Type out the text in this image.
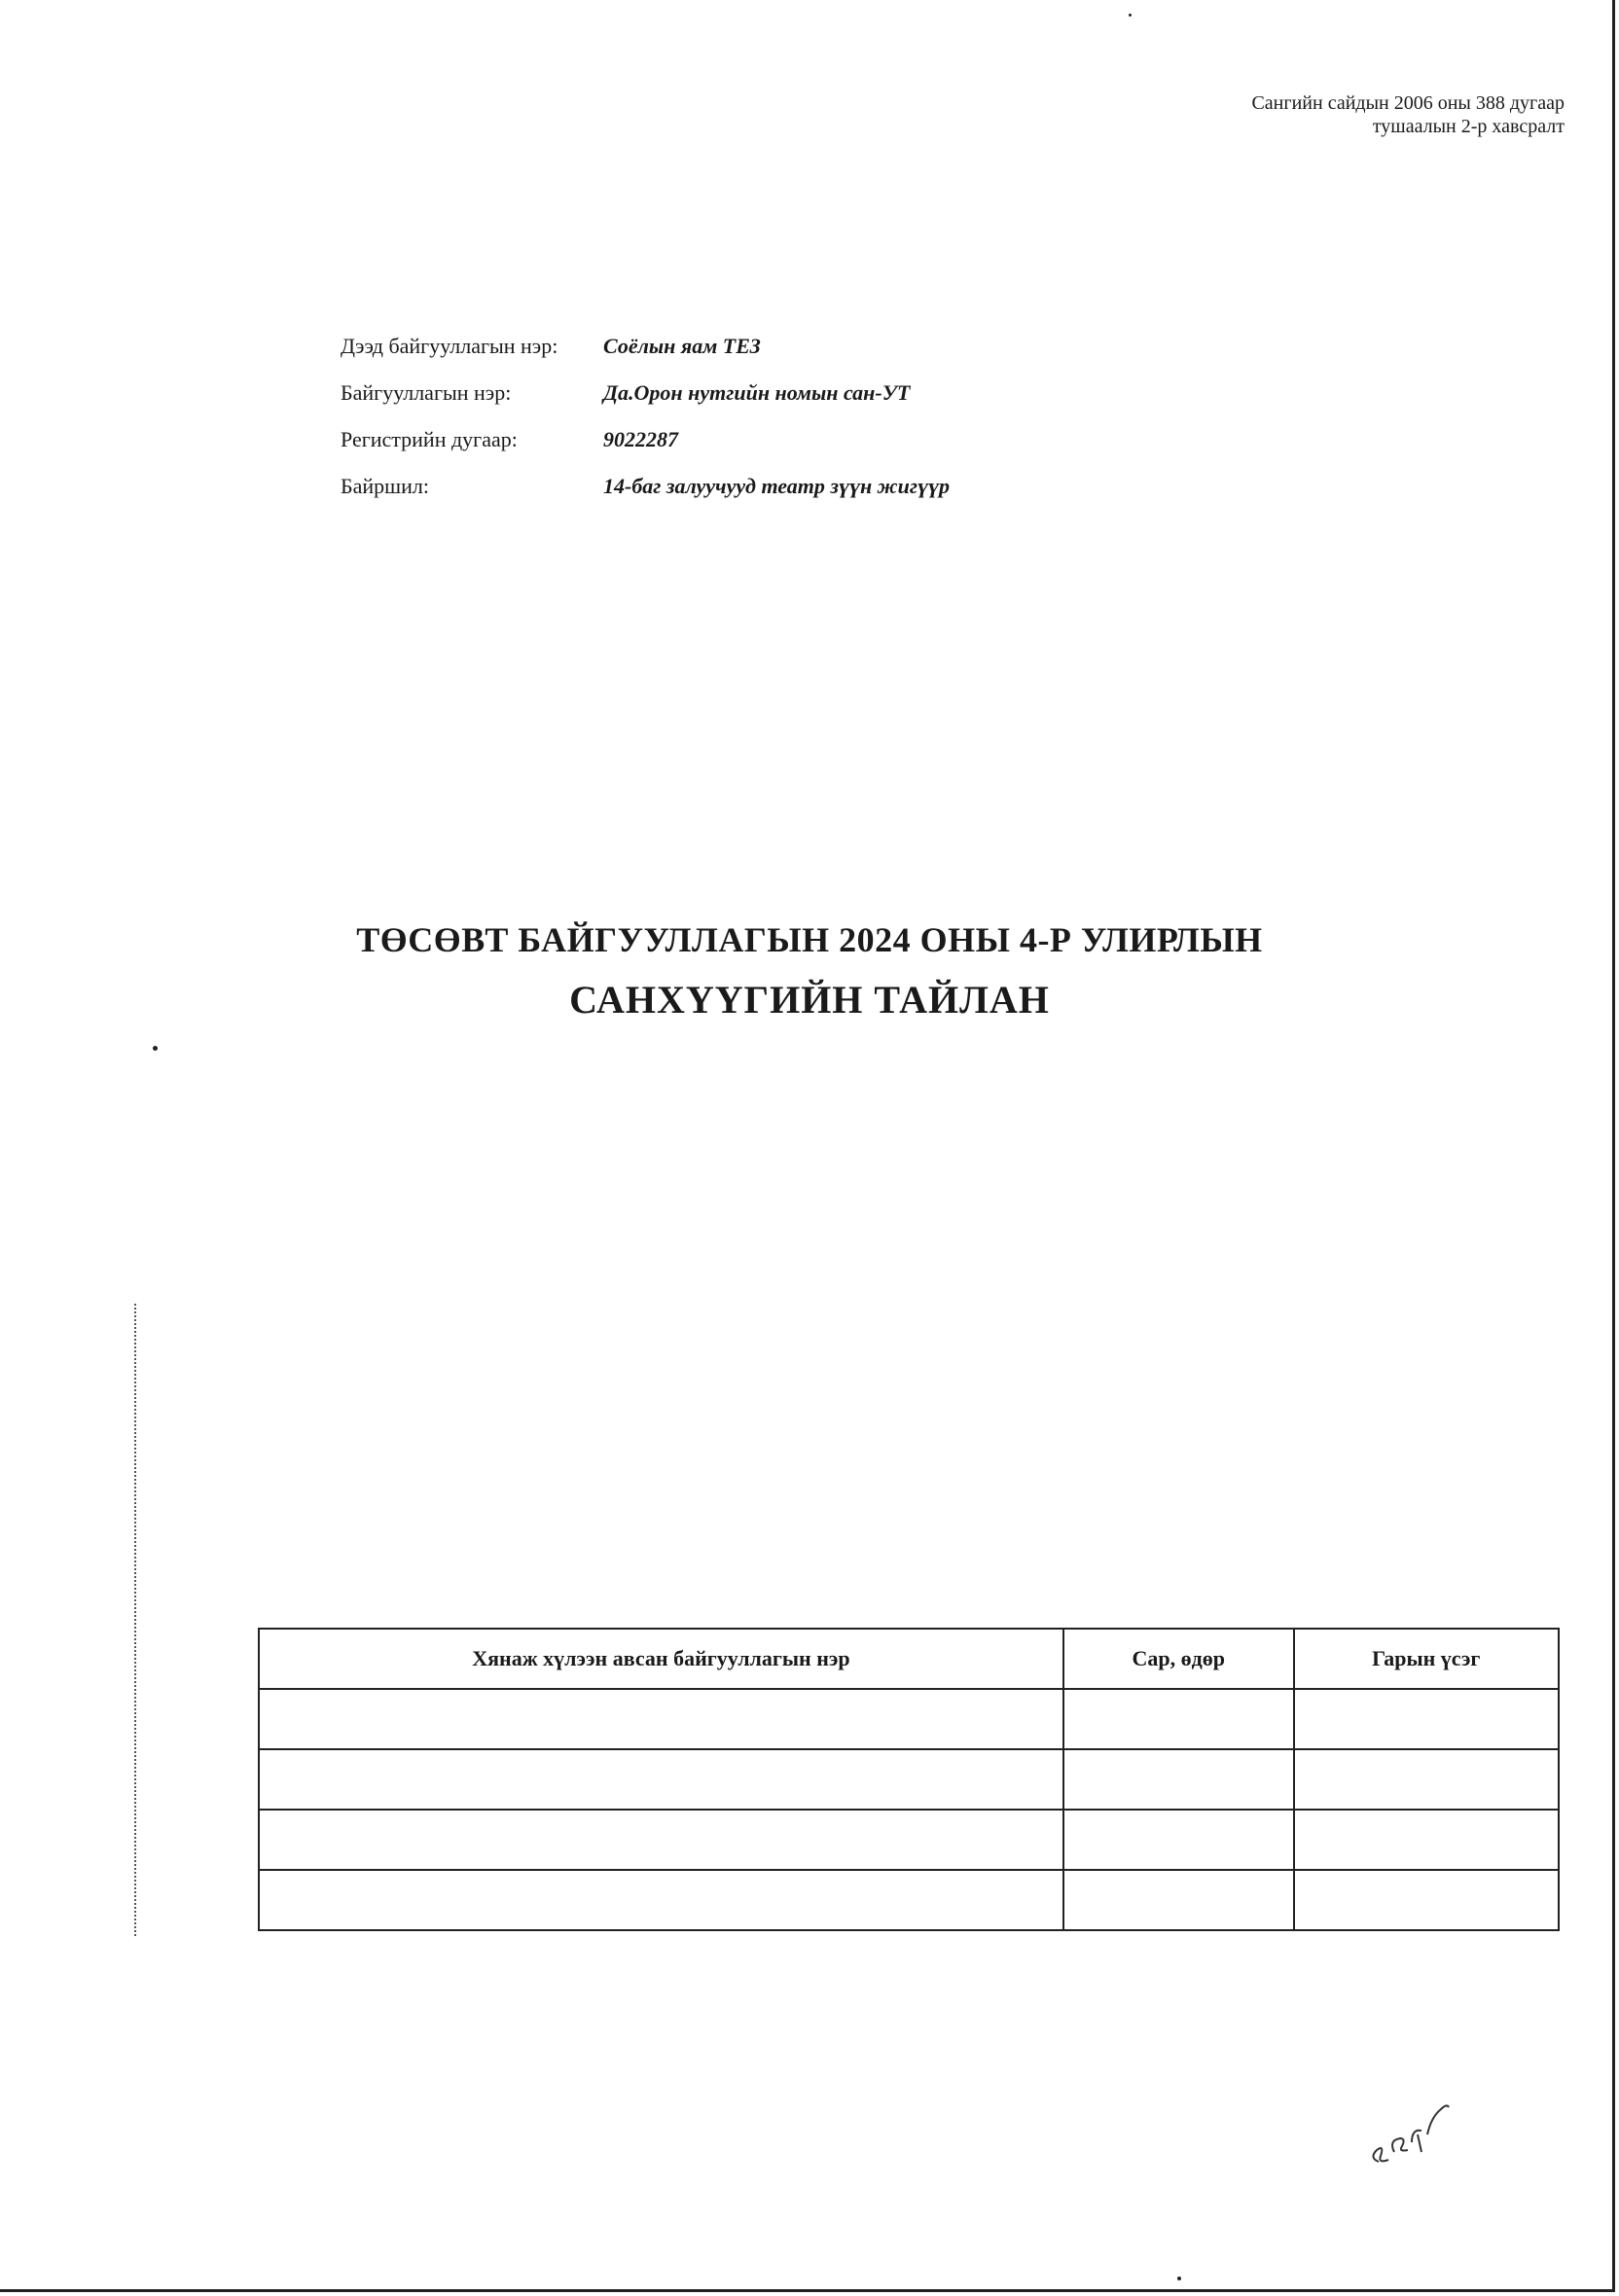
Сангийн сайдын 2006 оны 388 дугаар
тушаалын 2-р хавсралт
Дээд байгууллагын нэр:	Соёлын яам ТЕЗ
Байгууллагын нэр:	Да.Орон нутгийн номын сан-УТ
Регистрийн дугаар:	9022287
Байршил:	14-баг залуучууд театр зүүн жигүүр
ТӨСӨВТ БАЙГУУЛЛАГЫН 2024 ОНЫ 4-Р УЛИРЛЫН
САНХҮҮГИЙН ТАЙЛАН
Хянаж хүлээн авсан байгууллагын нэр	Сар, өдөр	Гарын үсэг
